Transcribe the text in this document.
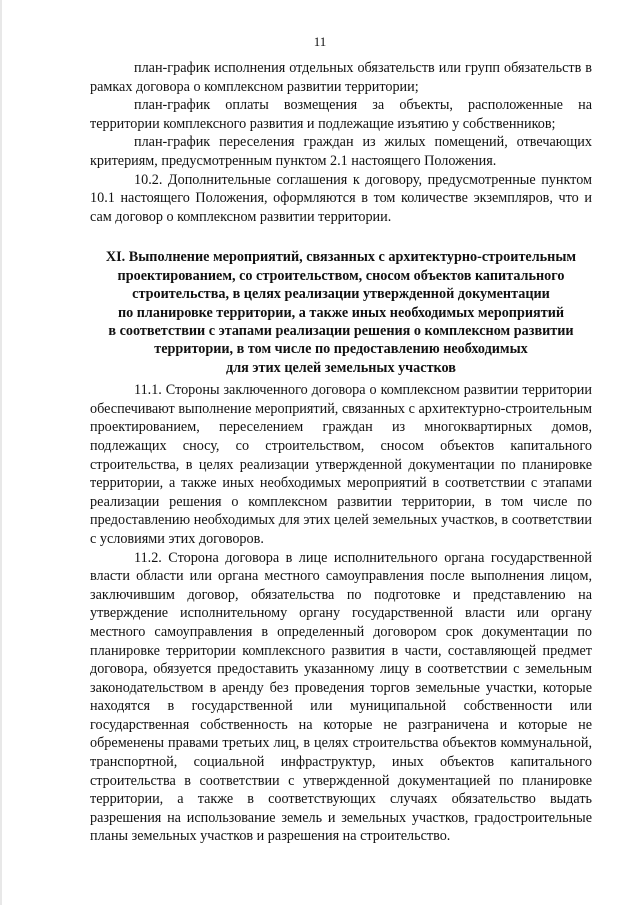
11

план-график исполнения отдельных обязательств или групп обязательств в рамках договора о комплексном развитии территории;

план-график оплаты возмещения за объекты, расположенные на территории комплексного развития и подлежащие изъятию у собственников;

план-график переселения граждан из жилых помещений, отвечающих критериям, предусмотренным пунктом 2.1 настоящего Положения.

10.2. Дополнительные соглашения к договору, предусмотренные пунктом 10.1 настоящего Положения, оформляются в том количестве экземпляров, что и сам договор о комплексном развитии территории.

XI. Выполнение мероприятий, связанных с архитектурно-строительным
проектированием, со строительством, сносом объектов капитального
строительства, в целях реализации утвержденной документации
по планировке территории, а также иных необходимых мероприятий
в соответствии с этапами реализации решения о комплексном развитии
территории, в том числе по предоставлению необходимых
для этих целей земельных участков

11.1. Стороны заключенного договора о комплексном развитии территории обеспечивают выполнение мероприятий, связанных с архитектурно-строительным проектированием, переселением граждан из многоквартирных домов, подлежащих сносу, со строительством, сносом объектов капитального строительства, в целях реализации утвержденной документации по планировке территории, а также иных необходимых мероприятий в соответствии с этапами реализации решения о комплексном развитии территории, в том числе по предоставлению необходимых для этих целей земельных участков, в соответствии с условиями этих договоров.

11.2. Сторона договора в лице исполнительного органа государственной власти области или органа местного самоуправления после выполнения лицом, заключившим договор, обязательства по подготовке и представлению на утверждение исполнительному органу государственной власти или органу местного самоуправления в определенный договором срок документации по планировке территории комплексного развития в части, составляющей предмет договора, обязуется предоставить указанному лицу в соответствии с земельным законодательством в аренду без проведения торгов земельные участки, которые находятся в государственной или муниципальной собственности или государственная собственность на которые не разграничена и которые не обременены правами третьих лиц, в целях строительства объектов коммунальной, транспортной, социальной инфраструктур, иных объектов капитального строительства в соответствии с утвержденной документацией по планировке территории, а также в соответствующих случаях обязательство выдать разрешения на использование земель и земельных участков, градостроительные планы земельных участков и разрешения на строительство.
